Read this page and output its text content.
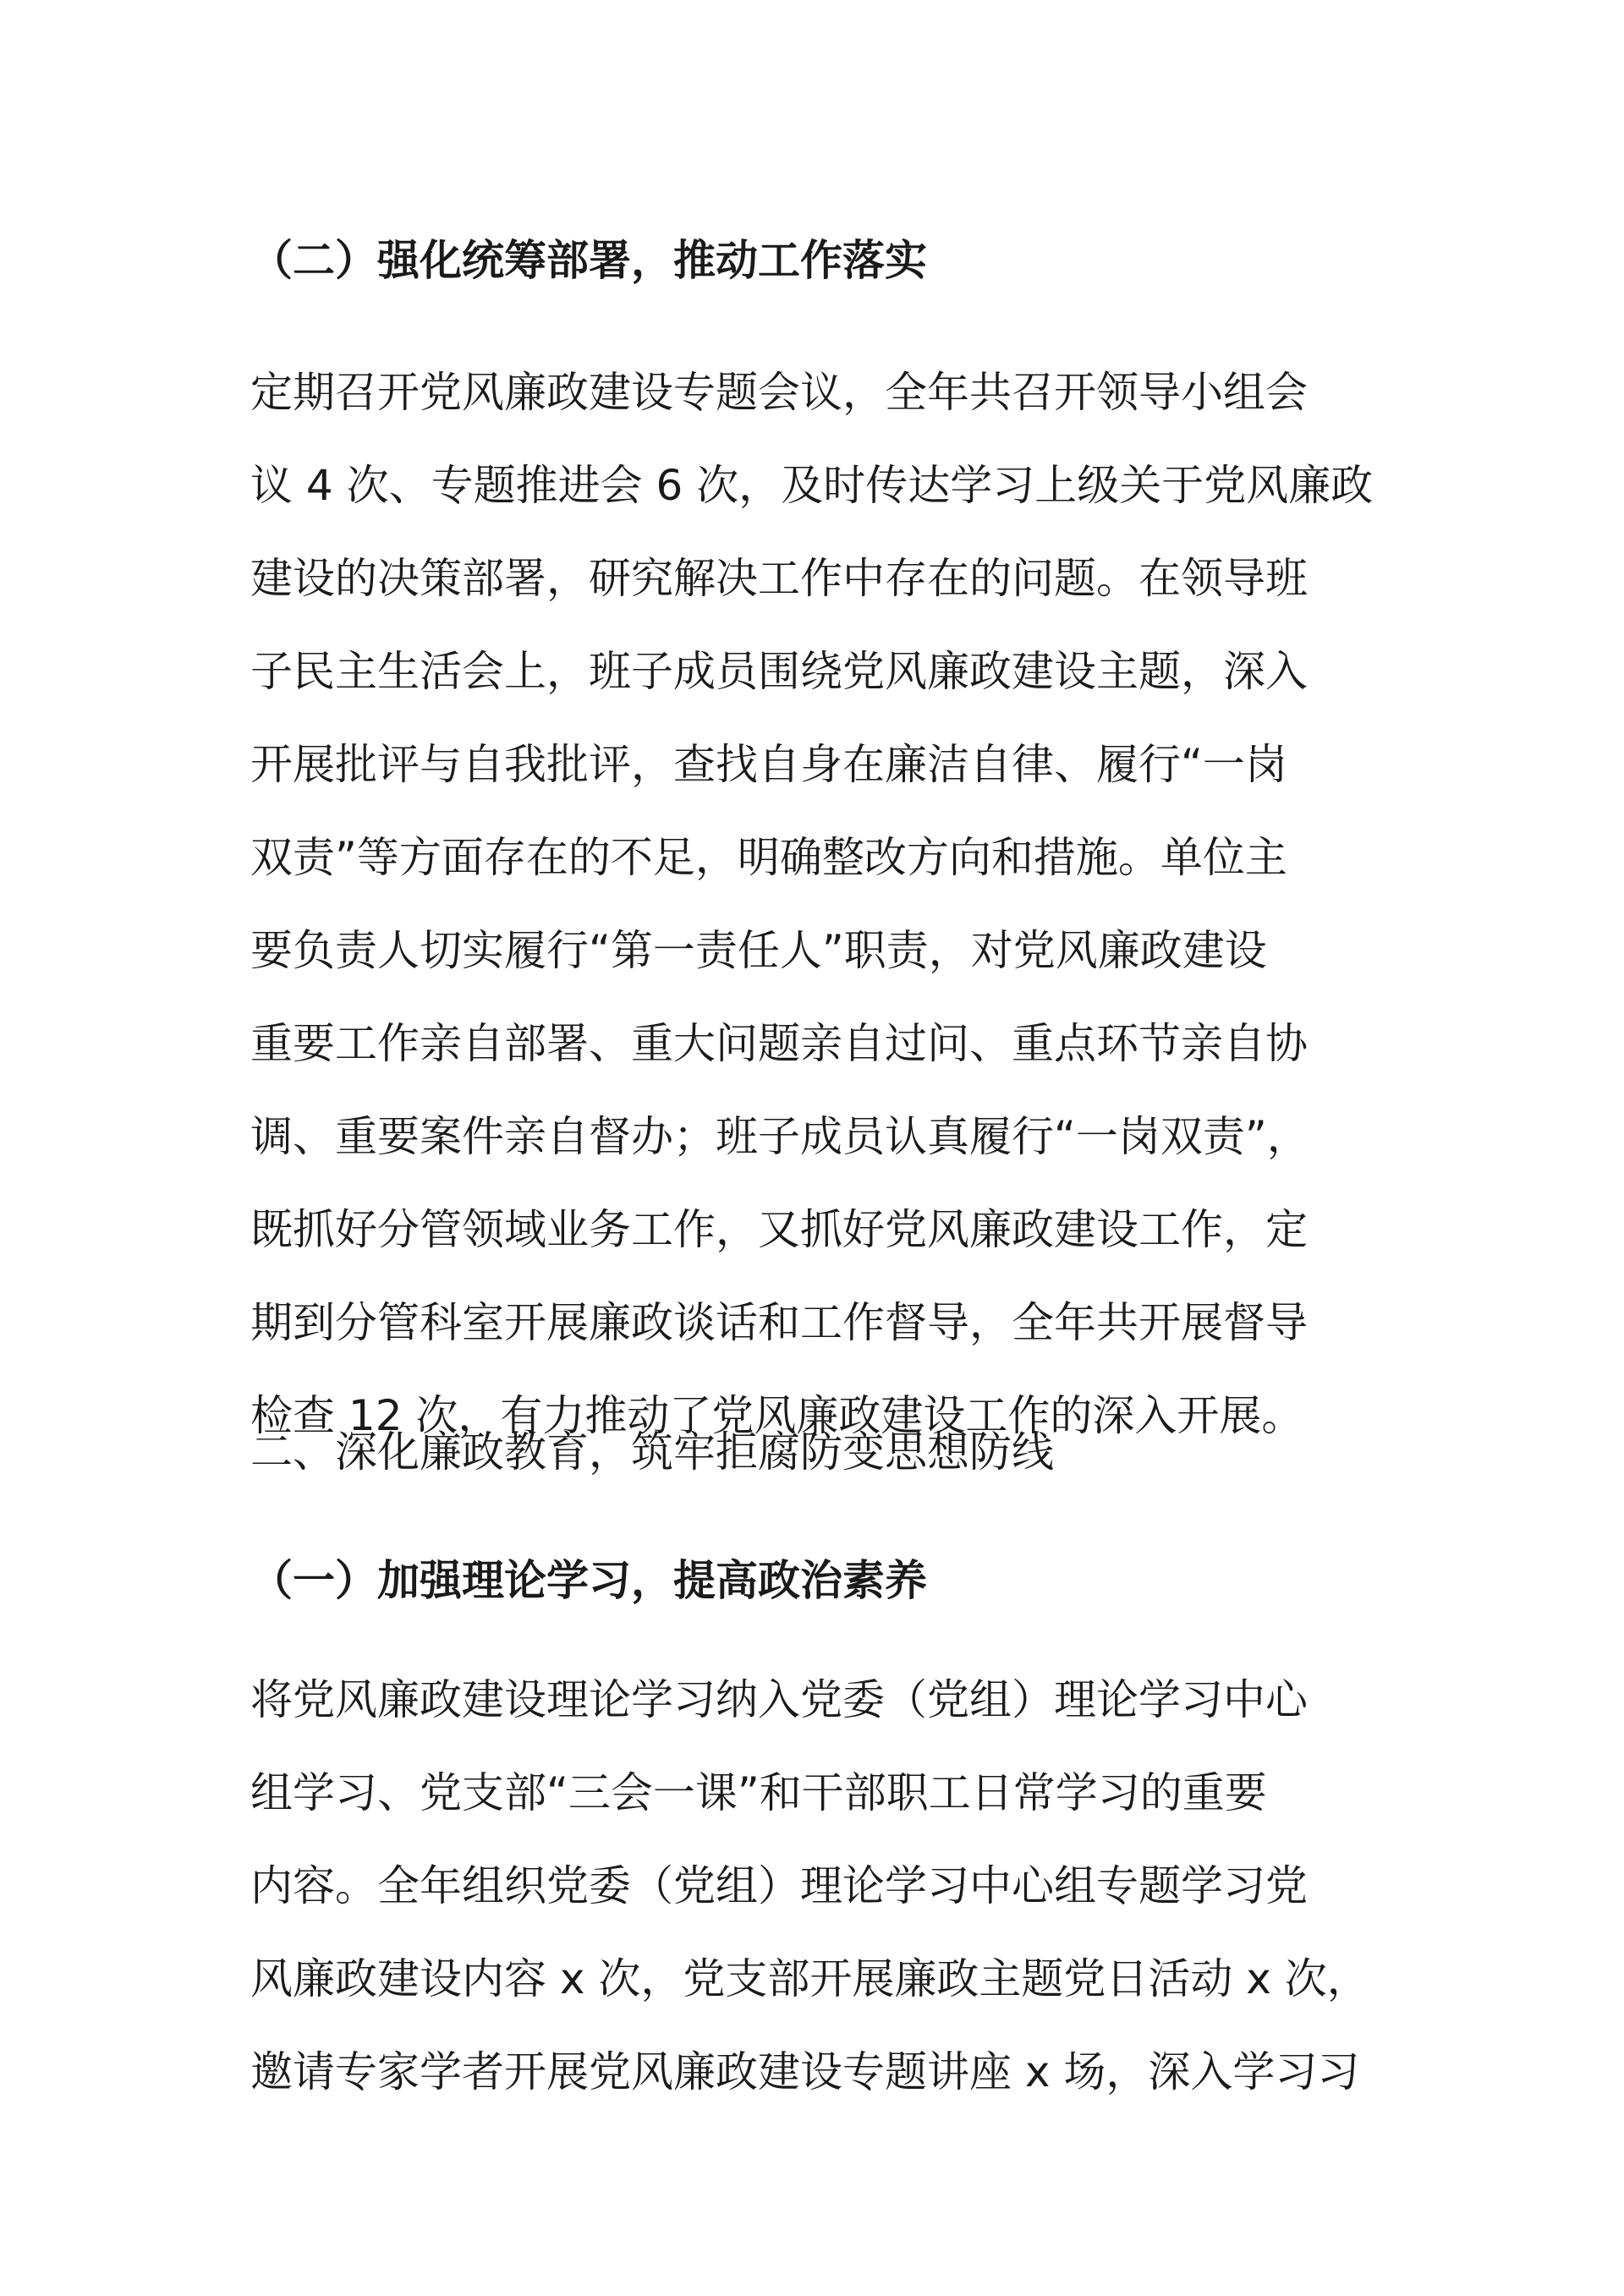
（二）强化统筹部署，推动工作落实
定期召开党风廉政建设专题会议，全年共召开领导小组会
议 4 次、专题推进会 6 次，及时传达学习上级关于党风廉政
建设的决策部署，研究解决工作中存在的问题。在领导班
子民主生活会上，班子成员围绕党风廉政建设主题，深入
开展批评与自我批评，查找自身在廉洁自律、履行“一岗
双责”等方面存在的不足，明确整改方向和措施。单位主
要负责人切实履行“第一责任人”职责，对党风廉政建设
重要工作亲自部署、重大问题亲自过问、重点环节亲自协
调、重要案件亲自督办；班子成员认真履行“一岗双责”，
既抓好分管领域业务工作，又抓好党风廉政建设工作，定
期到分管科室开展廉政谈话和工作督导，全年共开展督导
检查 12 次，有力推动了党风廉政建设工作的深入开展。
二、深化廉政教育，筑牢拒腐防变思想防线
（一）加强理论学习，提高政治素养
将党风廉政建设理论学习纳入党委（党组）理论学习中心
组学习、党支部“三会一课”和干部职工日常学习的重要
内容。全年组织党委（党组）理论学习中心组专题学习党
风廉政建设内容 x 次，党支部开展廉政主题党日活动 x 次，
邀请专家学者开展党风廉政建设专题讲座 x 场，深入学习习
